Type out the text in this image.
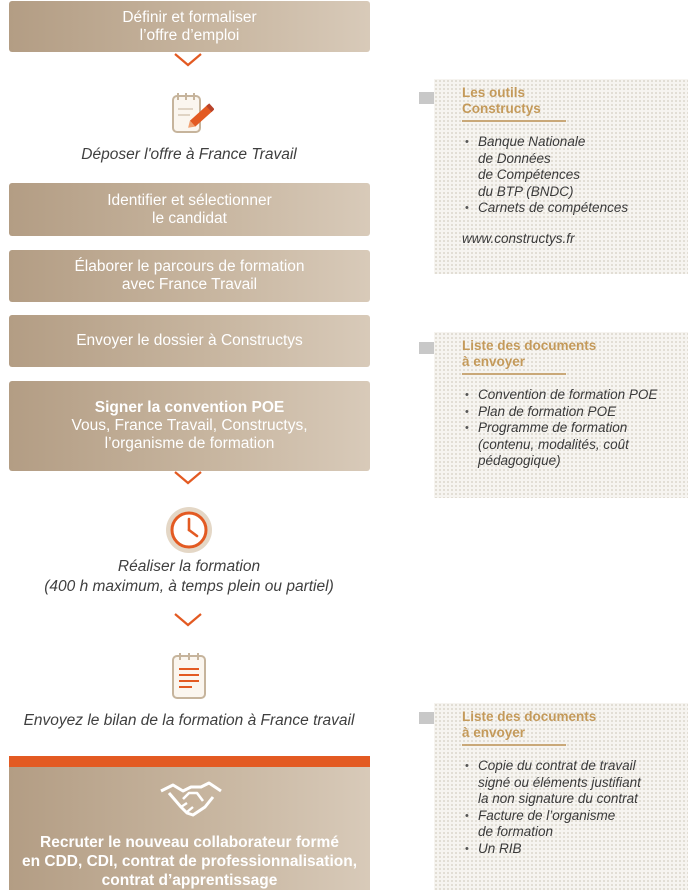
Définir et formaliser
l’offre d’emploi
Déposer l'offre à France Travail
Identifier et sélectionner
le candidat
Élaborer le parcours de formation
avec France Travail
Envoyer le dossier à Constructys
Signer la convention POE
Vous, France Travail, Constructys,
l’organisme de formation
Réaliser la formation
(400 h maximum, à temps plein ou partiel)
Envoyez le bilan de la formation à France travail
Recruter le nouveau collaborateur formé
en CDD, CDI, contrat de professionnalisation,
contrat d’apprentissage
Les outils
Constructys
• Banque Nationale
de Données
de Compétences
du BTP (BNDC)
• Carnets de compétences
www.constructys.fr
Liste des documents
à envoyer
• Convention de formation POE
• Plan de formation POE
• Programme de formation
(contenu, modalités, coût
pédagogique)
Liste des documents
à envoyer
• Copie du contrat de travail
signé ou éléments justifiant
la non signature du contrat
• Facture de l’organisme
de formation
• Un RIB
